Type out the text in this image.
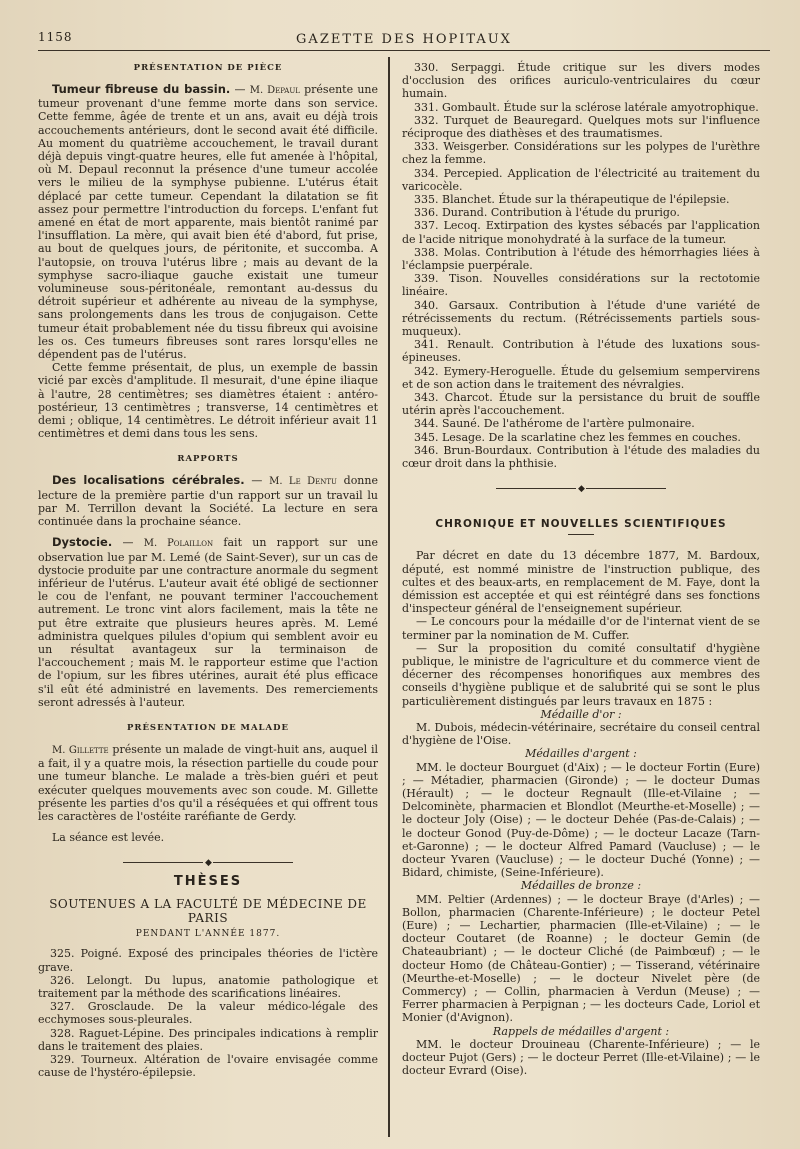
1158	GAZETTE DES HOPITAUX
PRÉSENTATION DE PIÈCE

Tumeur fibreuse du bassin. — M. Depaul présente une tumeur provenant d'une femme morte dans son service. Cette femme, âgée de trente et un ans, avait eu déjà trois accouchements antérieurs, dont le second avait été difficile. Au moment du quatrième accouchement, le travail durant déjà depuis vingt-quatre heures, elle fut amenée à l'hôpital, où M. Depaul reconnut la présence d'une tumeur accolée vers le milieu de la symphyse pubienne. L'utérus était déplacé par cette tumeur. Cependant la dilatation se fit assez pour permettre l'introduction du forceps. L'enfant fut amené en état de mort apparente, mais bientôt ranimé par l'insufflation. La mère, qui avait bien été d'abord, fut prise, au bout de quelques jours, de péritonite, et succomba. A l'autopsie, on trouva l'utérus libre ; mais au devant de la symphyse sacro-iliaque gauche existait une tumeur volumineuse sous-péritonéale, remontant au-dessus du détroit supérieur et adhérente au niveau de la symphyse, sans prolongements dans les trous de conjugaison. Cette tumeur était probablement née du tissu fibreux qui avoisine les os. Ces tumeurs fibreuses sont rares lorsqu'elles ne dépendent pas de l'utérus.

Cette femme présentait, de plus, un exemple de bassin vicié par excès d'amplitude. Il mesurait, d'une épine iliaque à l'autre, 28 centimètres; ses diamètres étaient : antéro-postérieur, 13 centimètres ; transverse, 14 centimètres et demi ; oblique, 14 centimètres. Le détroit inférieur avait 11 centimètres et demi dans tous les sens.

RAPPORTS

Des localisations cérébrales. — M. Le Dentu donne lecture de la première partie d'un rapport sur un travail lu par M. Terrillon devant la Société. La lecture en sera continuée dans la prochaine séance.

Dystocie. — M. Polaillon fait un rapport sur une observation lue par M. Lemé (de Saint-Sever), sur un cas de dystocie produite par une contracture anormale du segment inférieur de l'utérus. L'auteur avait été obligé de sectionner le cou de l'enfant, ne pouvant terminer l'accouchement autrement. Le tronc vint alors facilement, mais la tête ne put être extraite que plusieurs heures après. M. Lemé administra quelques pilules d'opium qui semblent avoir eu un résultat avantageux sur la terminaison de l'accouchement ; mais M. le rapporteur estime que l'action de l'opium, sur les fibres utérines, aurait été plus efficace s'il eût été administré en lavements. Des remerciements seront adressés à l'auteur.

PRÉSENTATION DE MALADE

M. Gillette présente un malade de vingt-huit ans, auquel il a fait, il y a quatre mois, la résection partielle du coude pour une tumeur blanche. Le malade a très-bien guéri et peut exécuter quelques mouvements avec son coude. M. Gillette présente les parties d'os qu'il a réséquées et qui offrent tous les caractères de l'ostéite raréfiante de Gerdy.

La séance est levée.

◆
THÈSES
SOUTENUES A LA FACULTÉ DE MÉDECINE DE PARIS
PENDANT L'ANNÉE 1877.

325. Poigné. Exposé des principales théories de l'ictère grave.

326. Lelongt. Du lupus, anatomie pathologique et traitement par la méthode des scarifications linéaires.

327. Grosclaude. De la valeur médico-légale des ecchymoses sous-pleurales.

328. Raguet-Lépine. Des principales indications à remplir dans le traitement des plaies.

329. Tourneux. Altération de l'ovaire envisagée comme cause de l'hystéro-épilepsie.

330. Serpaggi. Étude critique sur les divers modes d'occlusion des orifices auriculo-ventriculaires du cœur humain.

331. Gombault. Étude sur la sclérose latérale amyotrophique.

332. Turquet de Beauregard. Quelques mots sur l'influence réciproque des diathèses et des traumatismes.

333. Weisgerber. Considérations sur les polypes de l'urèthre chez la femme.

334. Percepied. Application de l'électricité au traitement du varicocèle.

335. Blanchet. Étude sur la thérapeutique de l'épilepsie.

336. Durand. Contribution à l'étude du prurigo.

337. Lecoq. Extirpation des kystes sébacés par l'application de l'acide nitrique monohydraté à la surface de la tumeur.

338. Molas. Contribution à l'étude des hémorrhagies liées à l'éclampsie puerpérale.

339. Tison. Nouvelles considérations sur la rectotomie linéaire.

340. Garsaux. Contribution à l'étude d'une variété de rétrécissements du rectum. (Rétrécissements partiels sous-muqueux).

341. Renault. Contribution à l'étude des luxations sous-épineuses.

342. Eymery-Heroguelle. Étude du gelsemium sempervirens et de son action dans le traitement des névralgies.

343. Charcot. Étude sur la persistance du bruit de souffle utérin après l'accouchement.

344. Sauné. De l'athérome de l'artère pulmonaire.

345. Lesage. De la scarlatine chez les femmes en couches.

346. Brun-Bourdaux. Contribution à l'étude des maladies du cœur droit dans la phthisie.

◆
CHRONIQUE ET NOUVELLES SCIENTIFIQUES

Par décret en date du 13 décembre 1877, M. Bardoux, député, est nommé ministre de l'instruction publique, des cultes et des beaux-arts, en remplacement de M. Faye, dont la démission est acceptée et qui est réintégré dans ses fonctions d'inspecteur général de l'enseignement supérieur.

— Le concours pour la médaille d'or de l'internat vient de se terminer par la nomination de M. Cuffer.

— Sur la proposition du comité consultatif d'hygiène publique, le ministre de l'agriculture et du commerce vient de décerner des récompenses honorifiques aux membres des conseils d'hygiène publique et de salubrité qui se sont le plus particulièrement distingués par leurs travaux en 1875 :

Médaille d'or :

M. Dubois, médecin-vétérinaire, secrétaire du conseil central d'hygiène de l'Oise.

Médailles d'argent :

MM. le docteur Bourguet (d'Aix) ; — le docteur Fortin (Eure) ; — Métadier, pharmacien (Gironde) ; — le docteur Dumas (Hérault) ; — le docteur Regnault (Ille-et-Vilaine ; — Delcominète, pharmacien et Blondlot (Meurthe-et-Moselle) ; — le docteur Joly (Oise) ; — le docteur Dehée (Pas-de-Calais) ; — le docteur Gonod (Puy-de-Dôme) ; — le docteur Lacaze (Tarn-et-Garonne) ; — le docteur Alfred Pamard (Vaucluse) ; — le docteur Yvaren (Vaucluse) ; — le docteur Duché (Yonne) ; — Bidard, chimiste, (Seine-Inférieure).

Médailles de bronze :

MM. Peltier (Ardennes) ; — le docteur Braye (d'Arles) ; — Bollon, pharmacien (Charente-Inférieure) ; le docteur Petel (Eure) ; — Lechartier, pharmacien (Ille-et-Vilaine) ; — le docteur Coutaret (de Roanne) ; le docteur Gemin (de Chateaubriant) ; — le docteur Cliché (de Paimbœuf) ; — le docteur Homo (de Château-Gontier) ; — Tisserand, vétérinaire (Meurthe-et-Moselle) ; — le docteur Nivelet père (de Commercy) ; — Collin, pharmacien à Verdun (Meuse) ; — Ferrer pharmacien à Perpignan ; — les docteurs Cade, Loriol et Monier (d'Avignon).

Rappels de médailles d'argent :

MM. le docteur Drouineau (Charente-Inférieure) ; — le docteur Pujot (Gers) ; — le docteur Perret (Ille-et-Vilaine) ; — le docteur Evrard (Oise).
